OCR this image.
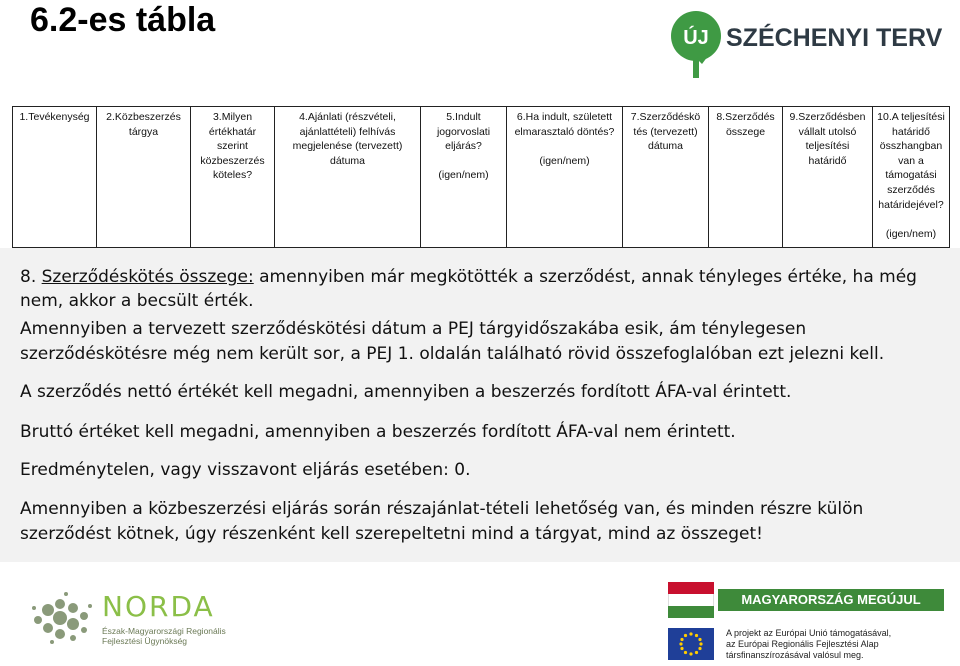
6.2-es tábla	ÚJ SZÉCHENYI TERV
1.Tevékenység	2.Közbeszerzés
tárgya
3.Milyen
értékhatár
szerint
közbeszerzés
köteles?
4.Ajánlati (részvételi,
ajánlattételi) felhívás
megjelenése (tervezett)
dátuma
5.Indult
jogorvoslati
eljárás?

(igen/nem)
6.Ha indult, született
elmarasztaló döntés?

(igen/nem)
7.Szerződéskö
tés (tervezett)
dátuma
8.Szerződés
összege
9.Szerződésben
vállalt utolsó
teljesítési
határidő
10.A teljesítési
határidő
összhangban
van a
támogatási
szerződés
határidejével?

(igen/nem)
8. Szerződéskötés összege: amennyiben már megkötötték a szerződést, annak tényleges értéke, ha még
nem, akkor a becsült érték.
Amennyiben a tervezett szerződéskötési dátum a PEJ tárgyidőszakába esik, ám ténylegesen
szerződéskötésre még nem került sor, a PEJ 1. oldalán található rövid összefoglalóban ezt jelezni kell.
A szerződés nettó értékét kell megadni, amennyiben a beszerzés fordított ÁFA-val érintett.
Bruttó értéket kell megadni, amennyiben a beszerzés fordított ÁFA-val nem érintett.
Eredménytelen, vagy visszavont eljárás esetében: 0.
Amennyiben a közbeszerzési eljárás során részajánlat-tételi lehetőség van, és minden részre külön
szerződést kötnek, úgy részenként kell szerepeltetni mind a tárgyat, mind az összeget!
NORDA
Észak-Magyarországi Regionális
Fejlesztési Ügynökség
MAGYARORSZÁG MEGÚJUL
A projekt az Európai Unió támogatásával,
az Európai Regionális Fejlesztési Alap
társfinanszírozásával valósul meg.
